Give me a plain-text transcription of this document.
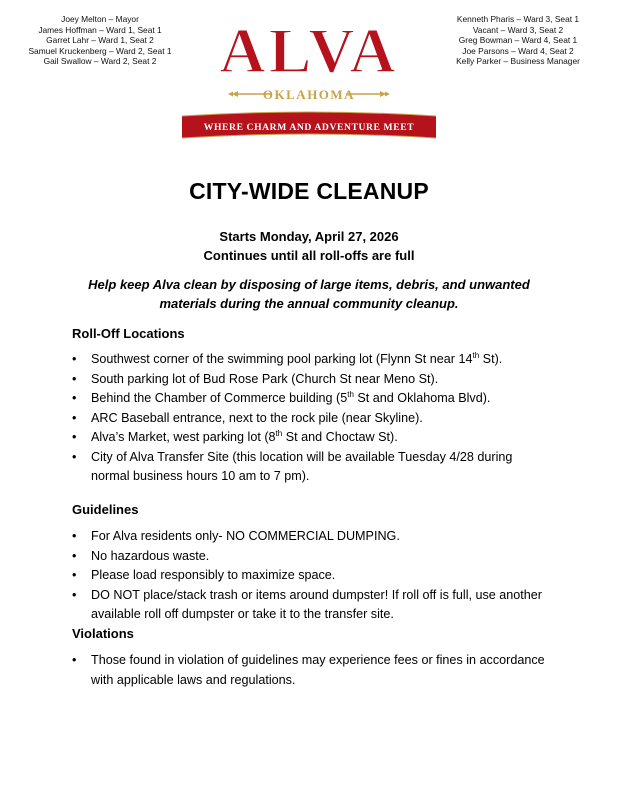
Joey Melton – Mayor
James Hoffman – Ward 1, Seat 1
Garret Lahr – Ward 1, Seat 2
Samuel Kruckenberg – Ward 2, Seat 1
Gail Swallow – Ward 2, Seat 2
Kenneth Pharis – Ward 3, Seat 1
Vacant – Ward 3, Seat 2
Greg Bowman – Ward 4, Seat 1
Joe Parsons – Ward 4, Seat 2
Kelly Parker – Business Manager
ALVA
OKLAHOMA
WHERE CHARM AND ADVENTURE MEET
CITY-WIDE CLEANUP
Starts Monday, April 27, 2026
Continues until all roll-offs are full
Help keep Alva clean by disposing of large items, debris, and unwanted materials during the annual community cleanup.
Roll-Off Locations
• Southwest corner of the swimming pool parking lot (Flynn St near 14th St).
• South parking lot of Bud Rose Park (Church St near Meno St).
• Behind the Chamber of Commerce building (5th St and Oklahoma Blvd).
• ARC Baseball entrance, next to the rock pile (near Skyline).
• Alva’s Market, west parking lot (8th St and Choctaw St).
• City of Alva Transfer Site (this location will be available Tuesday 4/28 during normal business hours 10 am to 7 pm).
Guidelines
• For Alva residents only- NO COMMERCIAL DUMPING.
• No hazardous waste.
• Please load responsibly to maximize space.
• DO NOT place/stack trash or items around dumpster! If roll off is full, use another available roll off dumpster or take it to the transfer site.
Violations
• Those found in violation of guidelines may experience fees or fines in accordance with applicable laws and regulations.
